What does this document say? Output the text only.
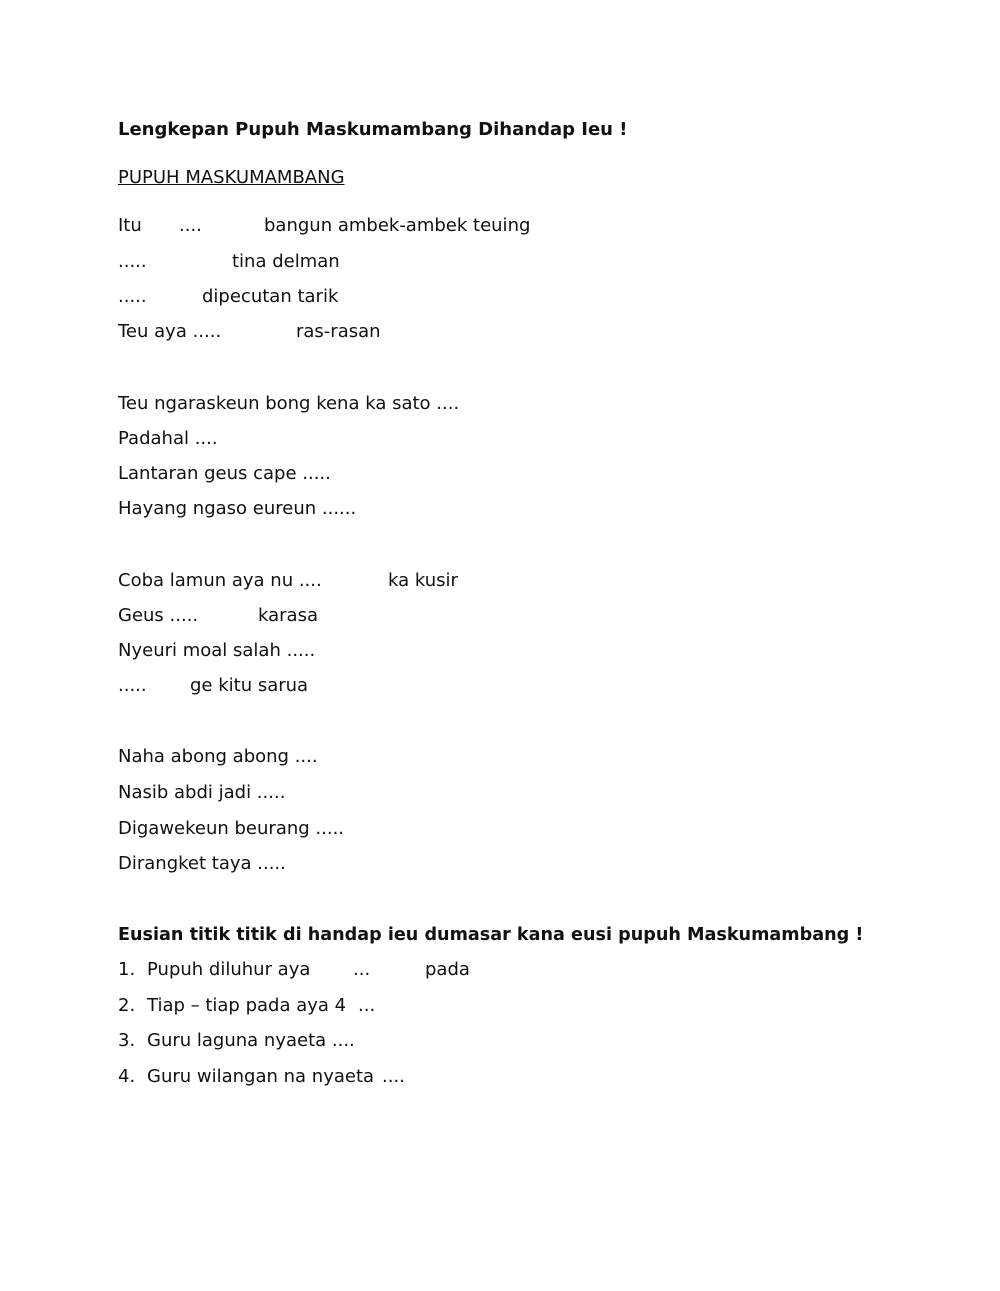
Lengkepan Pupuh Maskumambang Dihandap Ieu !
PUPUH MASKUMAMBANG
Itu ....	bangun ambek-ambek teuing
.....	tina delman
.....	dipecutan tarik
Teu aya .....	ras-rasan
Teu ngaraskeun bong kena ka sato ....
Padahal ....
Lantaran geus cape .....
Hayang ngaso eureun ......
Coba lamun aya nu ....	ka kusir
Geus .....	karasa
Nyeuri moal salah .....
..... ge kitu sarua
Naha abong abong ....
Nasib abdi jadi .....
Digawekeun beurang .....
Dirangket taya .....
Eusian titik titik di handap ieu dumasar kana eusi pupuh Maskumambang !
1. Pupuh diluhur aya ...	pada
2. Tiap – tiap pada aya 4 ...
3. Guru laguna nyaeta ....
4. Guru wilangan na nyaeta ....
